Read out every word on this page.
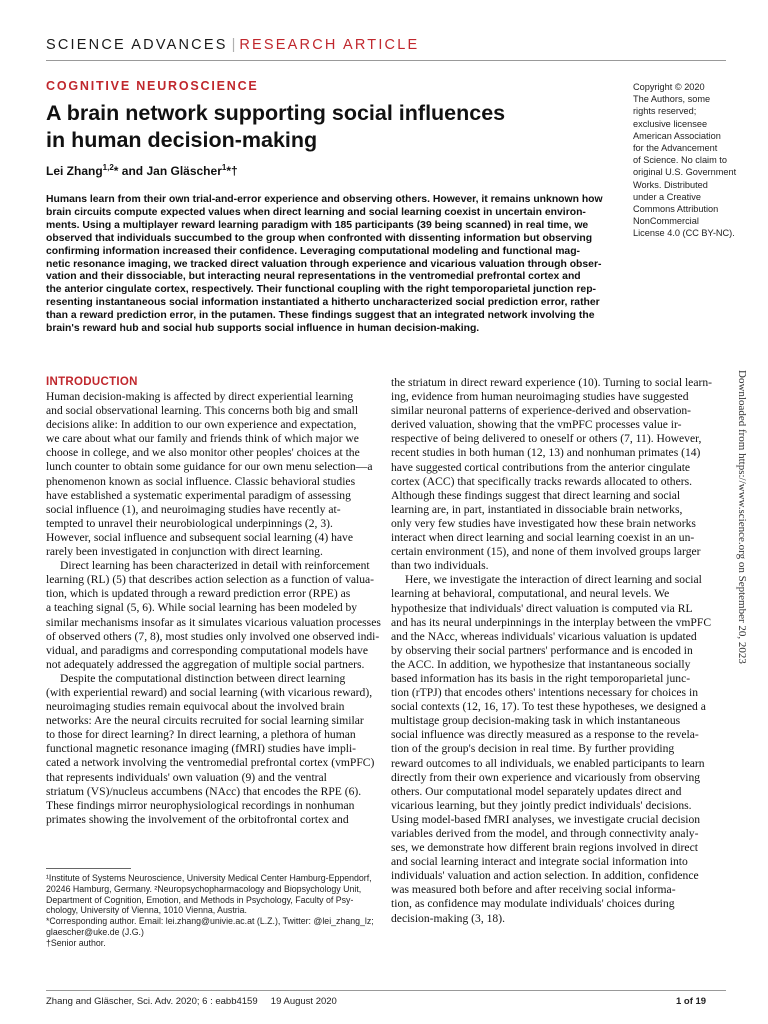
SCIENCE ADVANCES | RESEARCH ARTICLE
COGNITIVE NEUROSCIENCE
A brain network supporting social influences
in human decision-making
Lei Zhang$^{1,2}$* and Jan Gläscher$^1$*†
Copyright © 2020
The Authors, some
rights reserved;
exclusive licensee
American Association
for the Advancement
of Science. No claim to
original U.S. Government
Works. Distributed
under a Creative
Commons Attribution
NonCommercial
License 4.0 (CC BY-NC).
Humans learn from their own trial-and-error experience and observing others. However, it remains unknown how
brain circuits compute expected values when direct learning and social learning coexist in uncertain environ-
ments. Using a multiplayer reward learning paradigm with 185 participants (39 being scanned) in real time, we
observed that individuals succumbed to the group when confronted with dissenting information but observing
confirming information increased their confidence. Leveraging computational modeling and functional mag-
netic resonance imaging, we tracked direct valuation through experience and vicarious valuation through obser-
vation and their dissociable, but interacting neural representations in the ventromedial prefrontal cortex and
the anterior cingulate cortex, respectively. Their functional coupling with the right temporoparietal junction rep-
resenting instantaneous social information instantiated a hitherto uncharacterized social prediction error, rather
than a reward prediction error, in the putamen. These findings suggest that an integrated network involving the
brain's reward hub and social hub supports social influence in human decision-making.
INTRODUCTION
Human decision-making is affected by direct experiential learning
and social observational learning. This concerns both big and small
decisions alike: In addition to our own experience and expectation,
we care about what our family and friends think of which major we
choose in college, and we also monitor other peoples' choices at the
lunch counter to obtain some guidance for our own menu selection—a
phenomenon known as social influence. Classic behavioral studies
have established a systematic experimental paradigm of assessing
social influence (1), and neuroimaging studies have recently at-
tempted to unravel their neurobiological underpinnings (2, 3).
However, social influence and subsequent social learning (4) have
rarely been investigated in conjunction with direct learning.
Direct learning has been characterized in detail with reinforcement
learning (RL) (5) that describes action selection as a function of valua-
tion, which is updated through a reward prediction error (RPE) as
a teaching signal (5, 6). While social learning has been modeled by
similar mechanisms insofar as it simulates vicarious valuation processes
of observed others (7, 8), most studies only involved one observed indi-
vidual, and paradigms and corresponding computational models have
not adequately addressed the aggregation of multiple social partners.
Despite the computational distinction between direct learning
(with experiential reward) and social learning (with vicarious reward),
neuroimaging studies remain equivocal about the involved brain
networks: Are the neural circuits recruited for social learning similar
to those for direct learning? In direct learning, a plethora of human
functional magnetic resonance imaging (fMRI) studies have impli-
cated a network involving the ventromedial prefrontal cortex (vmPFC)
that represents individuals' own valuation (9) and the ventral
striatum (VS)/nucleus accumbens (NAcc) that encodes the RPE (6).
These findings mirror neurophysiological recordings in nonhuman
primates showing the involvement of the orbitofrontal cortex and
the striatum in direct reward experience (10). Turning to social learn-
ing, evidence from human neuroimaging studies have suggested
similar neuronal patterns of experience-derived and observation-
derived valuation, showing that the vmPFC processes value ir-
respective of being delivered to oneself or others (7, 11). However,
recent studies in both human (12, 13) and nonhuman primates (14)
have suggested cortical contributions from the anterior cingulate
cortex (ACC) that specifically tracks rewards allocated to others.
Although these findings suggest that direct learning and social
learning are, in part, instantiated in dissociable brain networks,
only very few studies have investigated how these brain networks
interact when direct learning and social learning coexist in an un-
certain environment (15), and none of them involved groups larger
than two individuals.
Here, we investigate the interaction of direct learning and social
learning at behavioral, computational, and neural levels. We
hypothesize that individuals' direct valuation is computed via RL
and has its neural underpinnings in the interplay between the vmPFC
and the NAcc, whereas individuals' vicarious valuation is updated
by observing their social partners' performance and is encoded in
the ACC. In addition, we hypothesize that instantaneous socially
based information has its basis in the right temporoparietal junc-
tion (rTPJ) that encodes others' intentions necessary for choices in
social contexts (12, 16, 17). To test these hypotheses, we designed a
multistage group decision-making task in which instantaneous
social influence was directly measured as a response to the revela-
tion of the group's decision in real time. By further providing
reward outcomes to all individuals, we enabled participants to learn
directly from their own experience and vicariously from observing
others. Our computational model separately updates direct and
vicarious learning, but they jointly predict individuals' decisions.
Using model-based fMRI analyses, we investigate crucial decision
variables derived from the model, and through connectivity analy-
ses, we demonstrate how different brain regions involved in direct
and social learning interact and integrate social information into
individuals' valuation and action selection. In addition, confidence
was measured both before and after receiving social informa-
tion, as confidence may modulate individuals' choices during
decision-making (3, 18).
¹Institute of Systems Neuroscience, University Medical Center Hamburg-Eppendorf,
20246 Hamburg, Germany. ²Neuropsychopharmacology and Biopsychology Unit,
Department of Cognition, Emotion, and Methods in Psychology, Faculty of Psy-
chology, University of Vienna, 1010 Vienna, Austria.
*Corresponding author. Email: lei.zhang@univie.ac.at (L.Z.), Twitter: @lei_zhang_lz;
glaescher@uke.de (J.G.)
†Senior author.
Downloaded from https://www.science.org on September 20, 2023
Zhang and Gläscher, Sci. Adv. 2020; 6 : eabb4159     19 August 2020	1 of 19
